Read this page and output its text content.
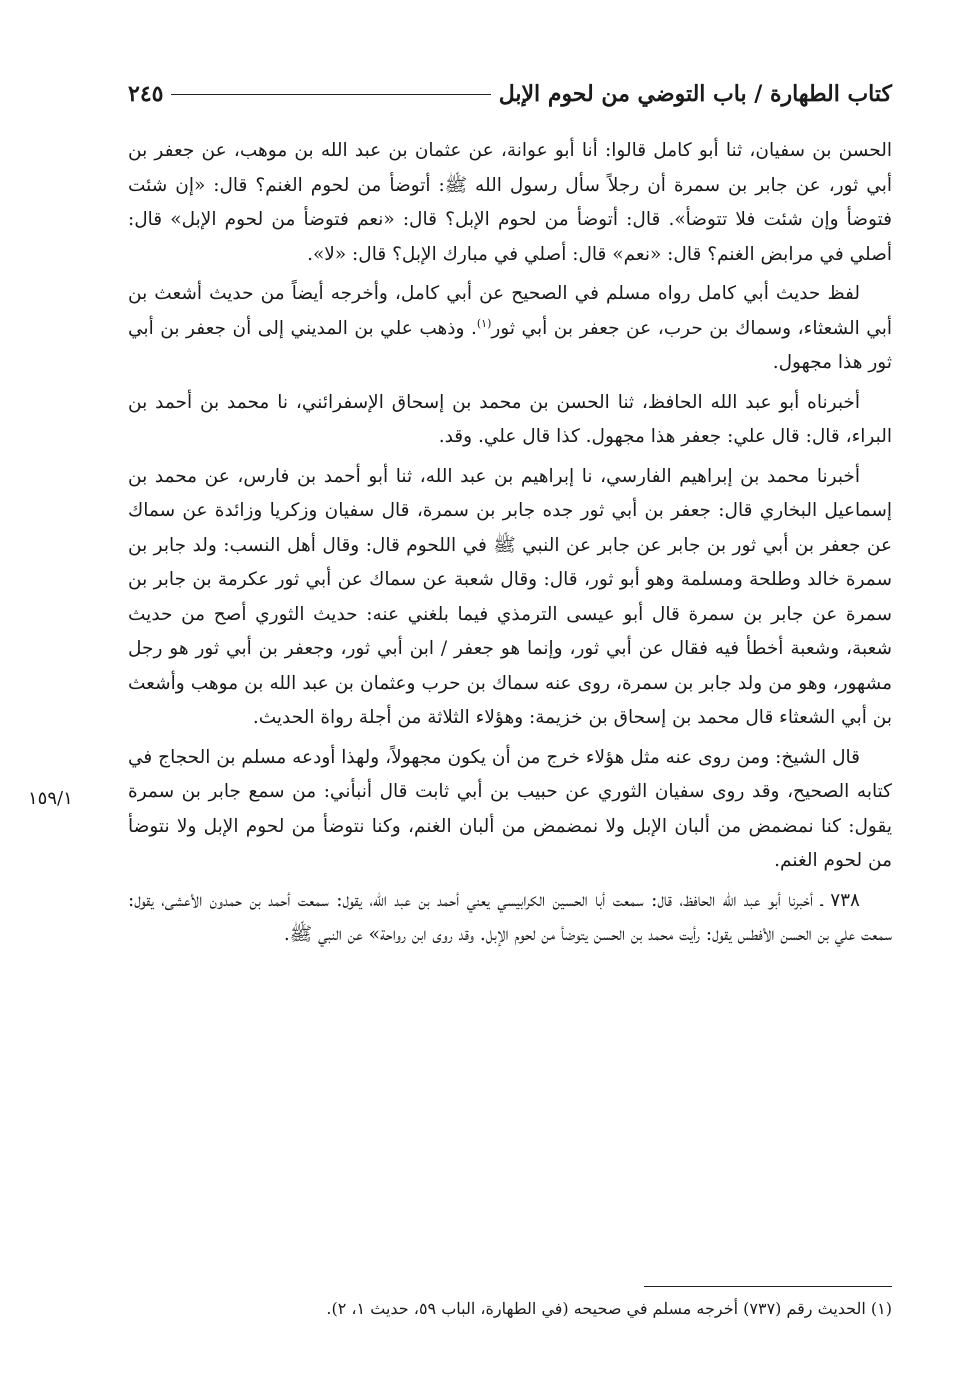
كتاب الطهارة / باب التوضي من لحوم الإبل
٢٤٥

الحسن بن سفيان، ثنا أبو كامل قالوا: أنا أبو عوانة، عن عثمان بن عبد الله بن موهب، عن جعفر بن أبي ثور، عن جابر بن سمرة أن رجلاً سأل رسول الله ﷺ: أتوضأ من لحوم الغنم؟ قال: «إن شئت فتوضأ وإن شئت فلا تتوضأ». قال: أتوضأ من لحوم الإبل؟ قال: «نعم فتوضأ من لحوم الإبل» قال: أصلي في مرابض الغنم؟ قال: «نعم» قال: أصلي في مبارك الإبل؟ قال: «لا».

لفظ حديث أبي كامل رواه مسلم في الصحيح عن أبي كامل، وأخرجه أيضاً من حديث أشعث بن أبي الشعثاء، وسماك بن حرب، عن جعفر بن أبي ثور$^{(١)}$. وذهب علي بن المديني إلى أن جعفر بن أبي ثور هذا مجهول.

أخبرناه أبو عبد الله الحافظ، ثنا الحسن بن محمد بن إسحاق الإسفرائني، نا محمد بن أحمد بن البراء، قال: قال علي: جعفر هذا مجهول. كذا قال علي. وقد.

أخبرنا محمد بن إبراهيم الفارسي، نا إبراهيم بن عبد الله، ثنا أبو أحمد بن فارس، عن محمد بن إسماعيل البخاري قال: جعفر بن أبي ثور جده جابر بن سمرة، قال سفيان وزكريا وزائدة عن سماك عن جعفر بن أبي ثور بن جابر عن جابر عن النبي ﷺ في اللحوم قال: وقال أهل النسب: ولد جابر بن سمرة خالد وطلحة ومسلمة وهو أبو ثور، قال: وقال شعبة عن سماك عن أبي ثور عكرمة بن جابر بن سمرة عن جابر بن سمرة قال أبو عيسى الترمذي فيما بلغني عنه: حديث الثوري أصح من حديث شعبة، وشعبة أخطأ فيه فقال عن أبي ثور، وإنما هو جعفر / ابن أبي ثور، وجعفر بن أبي ثور هو رجل مشهور، وهو من ولد جابر بن سمرة، روى عنه سماك بن حرب وعثمان بن عبد الله بن موهب وأشعث بن أبي الشعثاء قال محمد بن إسحاق بن خزيمة: وهؤلاء الثلاثة من أجلة رواة الحديث.

قال الشيخ: ومن روى عنه مثل هؤلاء خرج من أن يكون مجهولاً، ولهذا أودعه مسلم بن الحجاج في كتابه الصحيح، وقد روى سفيان الثوري عن حبيب بن أبي ثابت قال أنبأني: من سمع جابر بن سمرة يقول: كنا نمضمض من ألبان الإبل ولا نمضمض من ألبان الغنم، وكنا نتوضأ من لحوم الإبل ولا نتوضأ من لحوم الغنم.

٧٣٨ ـ أخبرنا أبو عبد الله الحافظ، قال: سمعت أبا الحسين الكرابيسي يعني أحمد بن عبد الله، يقول: سمعت أحمد بن حمدون الأعشى، يقول: سمعت علي بن الحسن الأفطس يقول: رأيت محمد بن الحسن يتوضأ من لحوم الإبل. وقد روى ابن رواحة» عن النبي ﷺ.

١٥٩/١
(١) الحديث رقم (٧٣٧) أخرجه مسلم في صحيحه (في الطهارة، الباب ٥٩، حديث ١، ٢).
